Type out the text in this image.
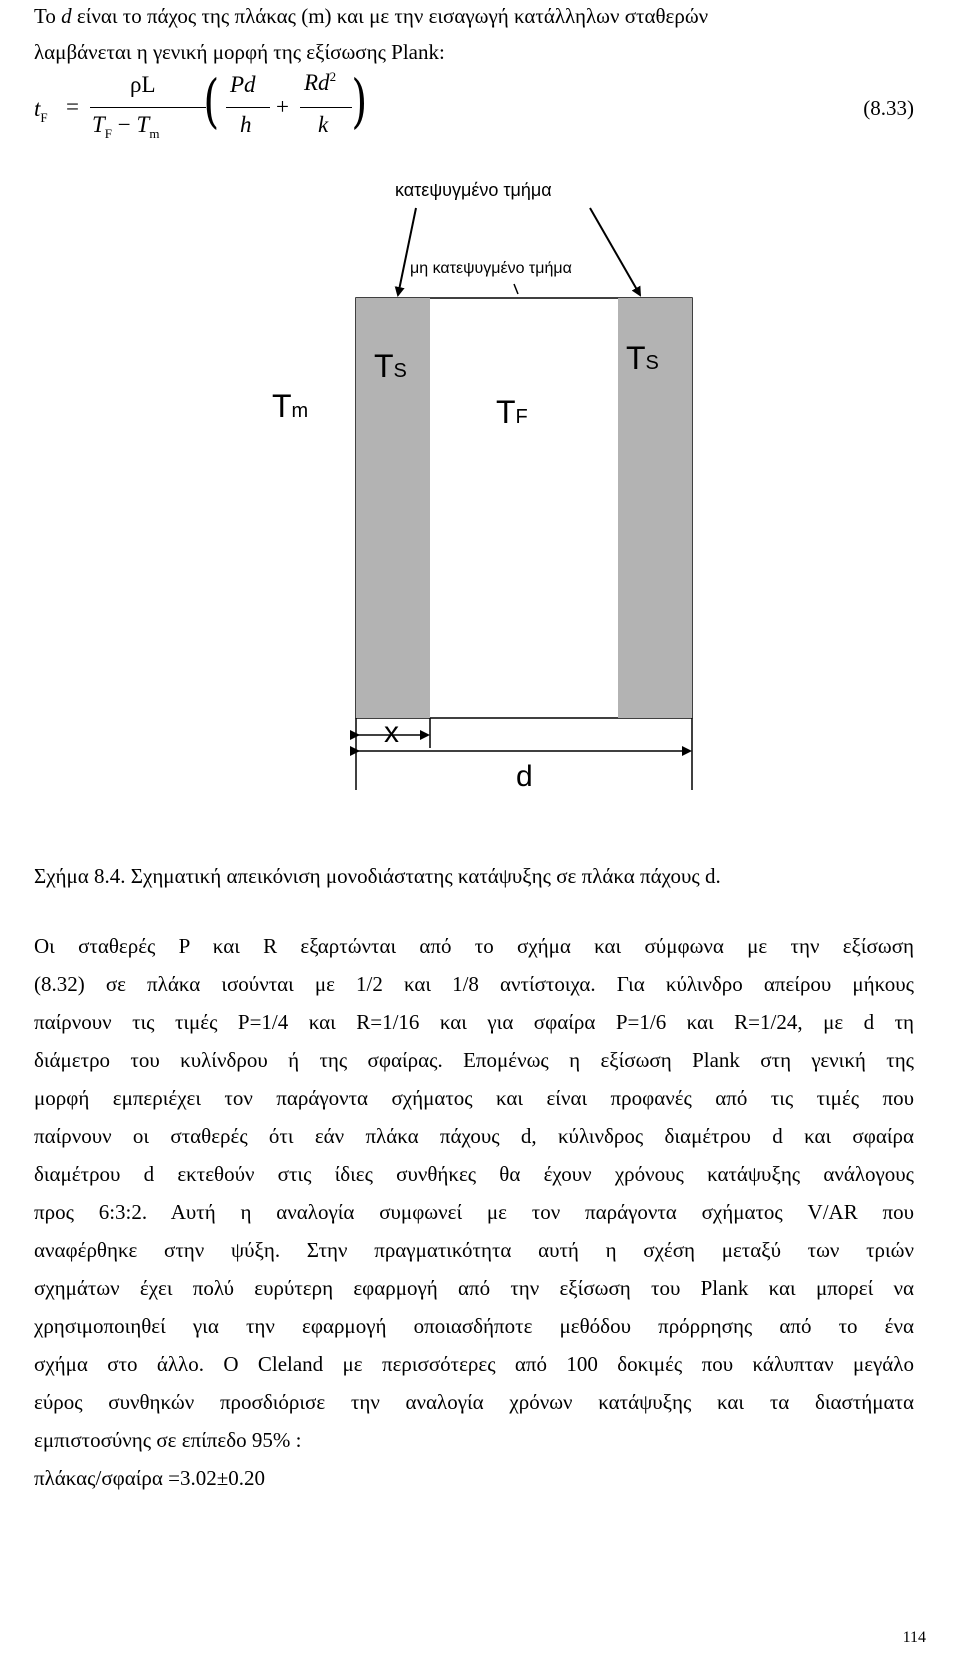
Το d είναι το πάχος της πλάκας (m) και με την εισαγωγή κατάλληλων σταθερών
λαμβάνεται η γενική μορφή της εξίσωσης Plank:
$t_F$ =
ρL
$T_F - T_m$ ( Pd
h
+
$Rd^2$
k )	(8.33)
κατεψυγμένο τμήμα
μη κατεψυγμένο τμήμα
Tm
TS	TS
TF
x
d
Σχήμα 8.4. Σχηματική απεικόνιση μονοδιάστατης κατάψυξης σε πλάκα πάχους d.
Οι σταθερές P και R εξαρτώνται από το σχήμα και σύμφωνα με την εξίσωση
(8.32) σε πλάκα ισούνται με 1/2 και 1/8 αντίστοιχα. Για κύλινδρο απείρου μήκους
παίρνουν τις τιμές P=1/4 και R=1/16 και για σφαίρα P=1/6 και R=1/24, με d τη
διάμετρο του κυλίνδρου ή της σφαίρας. Επομένως η εξίσωση Plank στη γενική της
μορφή εμπεριέχει τον παράγοντα σχήματος και είναι προφανές από τις τιμές που
παίρνουν οι σταθερές ότι εάν πλάκα πάχους d, κύλινδρος διαμέτρου d και σφαίρα
διαμέτρου d εκτεθούν στις ίδιες συνθήκες θα έχουν χρόνους κατάψυξης ανάλογους
προς 6:3:2. Αυτή η αναλογία συμφωνεί με τον παράγοντα σχήματος V/AR που
αναφέρθηκε στην ψύξη. Στην πραγματικότητα αυτή η σχέση μεταξύ των τριών
σχημάτων έχει πολύ ευρύτερη εφαρμογή από την εξίσωση του Plank και μπορεί να
χρησιμοποιηθεί για την εφαρμογή οποιασδήποτε μεθόδου πρόρρησης από το ένα
σχήμα στο άλλο. Ο Cleland με περισσότερες από 100 δοκιμές που κάλυπταν μεγάλο
εύρος συνθηκών προσδιόρισε την αναλογία χρόνων κατάψυξης και τα διαστήματα
εμπιστοσύνης σε επίπεδο 95% :
πλάκας/σφαίρα =3.02±0.20
114
